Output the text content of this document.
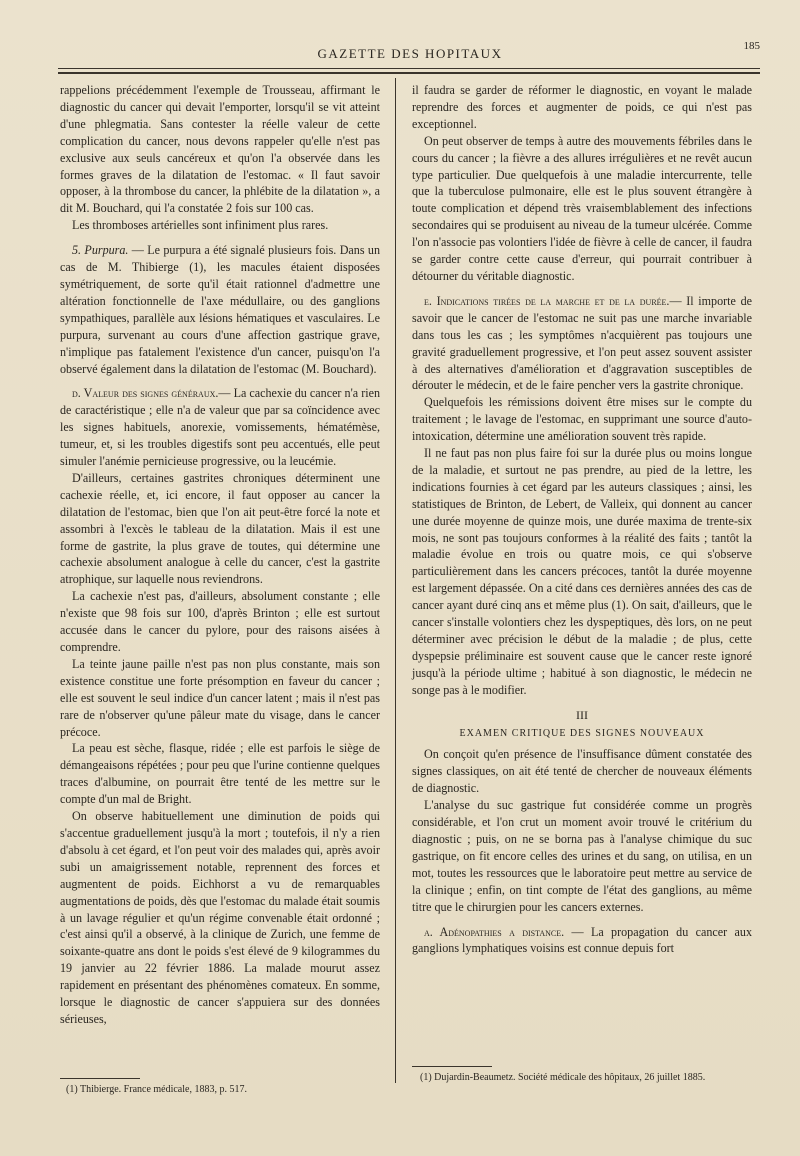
GAZETTE DES HOPITAUX	185

rappelions précédemment l'exemple de Trousseau, affirmant le diagnostic du cancer qui devait l'emporter, lorsqu'il se vit atteint d'une phlegmatia. Sans contester la réelle valeur de cette complication du cancer, nous devons rappeler qu'elle n'est pas exclusive aux seuls cancéreux et qu'on l'a observée dans les formes graves de la dilatation de l'estomac. « Il faut savoir opposer, à la thrombose du cancer, la phlébite de la dilatation », a dit M. Bouchard, qui l'a constatée 2 fois sur 100 cas.

Les thromboses artérielles sont infiniment plus rares.

5. Purpura. — Le purpura a été signalé plusieurs fois. Dans un cas de M. Thibierge (1), les macules étaient disposées symétriquement, de sorte qu'il était rationnel d'admettre une altération fonctionnelle de l'axe médullaire, ou des ganglions sympathiques, parallèle aux lésions hématiques et vasculaires. Le purpura, survenant au cours d'une affection gastrique grave, n'implique pas fatalement l'existence d'un cancer, puisqu'on l'a observé également dans la dilatation de l'estomac (M. Bouchard).

d. Valeur des signes généraux.— La cachexie du cancer n'a rien de caractéristique ; elle n'a de valeur que par sa coïncidence avec les signes habituels, anorexie, vomissements, hématémèse, tumeur, et, si les troubles digestifs sont peu accentués, elle peut simuler l'anémie pernicieuse progressive, ou la leucémie.

D'ailleurs, certaines gastrites chroniques déterminent une cachexie réelle, et, ici encore, il faut opposer au cancer la dilatation de l'estomac, bien que l'on ait peut-être forcé la note et assombri à l'excès le tableau de la dilatation. Mais il est une forme de gastrite, la plus grave de toutes, qui détermine une cachexie absolument analogue à celle du cancer, c'est la gastrite atrophique, sur laquelle nous reviendrons.

La cachexie n'est pas, d'ailleurs, absolument constante ; elle n'existe que 98 fois sur 100, d'après Brinton ; elle est surtout accusée dans le cancer du pylore, pour des raisons aisées à comprendre.

La teinte jaune paille n'est pas non plus constante, mais son existence constitue une forte présomption en faveur du cancer ; elle est souvent le seul indice d'un cancer latent ; mais il n'est pas rare de n'observer qu'une pâleur mate du visage, dans le cancer précoce.

La peau est sèche, flasque, ridée ; elle est parfois le siège de démangeaisons répétées ; pour peu que l'urine contienne quelques traces d'albumine, on pourrait être tenté de les mettre sur le compte d'un mal de Bright.

On observe habituellement une diminution de poids qui s'accentue graduellement jusqu'à la mort ; toutefois, il n'y a rien d'absolu à cet égard, et l'on peut voir des malades qui, après avoir subi un amaigrissement notable, reprennent des forces et augmentent de poids. Eichhorst a vu de remarquables augmentations de poids, dès que l'estomac du malade était soumis à un lavage régulier et qu'un régime convenable était ordonné ; c'est ainsi qu'il a observé, à la clinique de Zurich, une femme de soixante-quatre ans dont le poids s'est élevé de 9 kilogrammes du 19 janvier au 22 février 1886. La malade mourut assez rapidement en présentant des phénomènes comateux. En somme, lorsque le diagnostic de cancer s'appuiera sur des données sérieuses,

(1) Thibierge. France médicale, 1883, p. 517.

il faudra se garder de réformer le diagnostic, en voyant le malade reprendre des forces et augmenter de poids, ce qui n'est pas exceptionnel.

On peut observer de temps à autre des mouvements fébriles dans le cours du cancer ; la fièvre a des allures irrégulières et ne revêt aucun type particulier. Due quelquefois à une maladie intercurrente, telle que la tuberculose pulmonaire, elle est le plus souvent étrangère à toute complication et dépend très vraisemblablement des infections secondaires qui se produisent au niveau de la tumeur ulcérée. Comme l'on n'associe pas volontiers l'idée de fièvre à celle de cancer, il faudra se garder contre cette cause d'erreur, qui pourrait contribuer à détourner du véritable diagnostic.

e. Indications tirées de la marche et de la durée.— Il importe de savoir que le cancer de l'estomac ne suit pas une marche invariable dans tous les cas ; les symptômes n'acquièrent pas toujours une gravité graduellement progressive, et l'on peut assez souvent assister à des alternatives d'amélioration et d'aggravation susceptibles de dérouter le médecin, et de le faire pencher vers la gastrite chronique.

Quelquefois les rémissions doivent être mises sur le compte du traitement ; le lavage de l'estomac, en supprimant une source d'auto-intoxication, détermine une amélioration souvent très rapide.

Il ne faut pas non plus faire foi sur la durée plus ou moins longue de la maladie, et surtout ne pas prendre, au pied de la lettre, les indications fournies à cet égard par les auteurs classiques ; ainsi, les statistiques de Brinton, de Lebert, de Valleix, qui donnent au cancer une durée moyenne de quinze mois, une durée maxima de trente-six mois, ne sont pas toujours conformes à la réalité des faits ; tantôt la maladie évolue en trois ou quatre mois, ce qui s'observe particulièrement dans les cancers précoces, tantôt la durée moyenne est largement dépassée. On a cité dans ces dernières années des cas de cancer ayant duré cinq ans et même plus (1). On sait, d'ailleurs, que le cancer s'installe volontiers chez les dyspeptiques, dès lors, on ne peut déterminer avec précision le début de la maladie ; de plus, cette dyspepsie préliminaire est souvent cause que le cancer reste ignoré jusqu'à la période ultime ; habitué à son diagnostic, le médecin ne songe pas à le modifier.

III
EXAMEN CRITIQUE DES SIGNES NOUVEAUX

On conçoit qu'en présence de l'insuffisance dûment constatée des signes classiques, on ait été tenté de chercher de nouveaux éléments de diagnostic.

L'analyse du suc gastrique fut considérée comme un progrès considérable, et l'on crut un moment avoir trouvé le critérium du diagnostic ; puis, on ne se borna pas à l'analyse chimique du suc gastrique, on fit encore celles des urines et du sang, on utilisa, en un mot, toutes les ressources que le laboratoire peut mettre au service de la clinique ; enfin, on tint compte de l'état des ganglions, au même titre que le chirurgien pour les cancers externes.

a. Adénopathies a distance. — La propagation du cancer aux ganglions lymphatiques voisins est connue depuis fort

(1) Dujardin-Beaumetz. Société médicale des hôpitaux, 26 juillet 1885.
